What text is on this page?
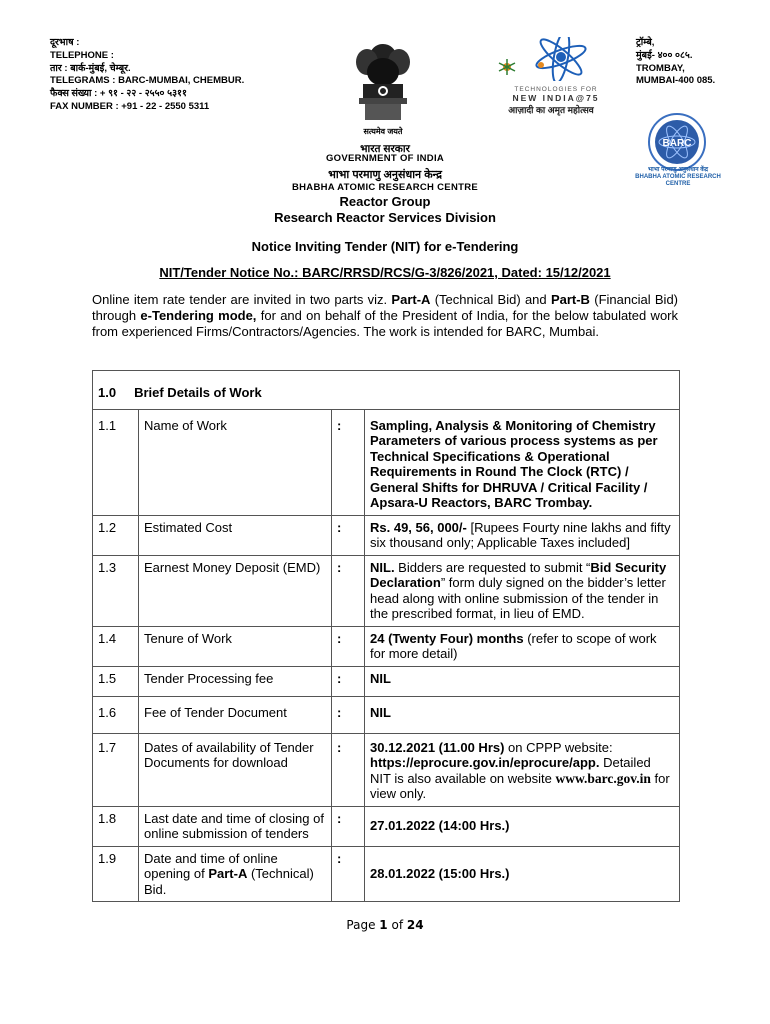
दूरभाष :
TELEPHONE :
तार : बार्क-मुंबई, चेम्बूर.
TELEGRAMS : BARC-MUMBAI, CHEMBUR.
फैक्स संख्या : + ९१ - २२ - २५५० ५३११
FAX NUMBER : +91 - 22 - 2550 5311
सत्यमेव जयते
TECHNOLOGIES FOR
NEW INDIA@75
आज़ादी का अमृत महोत्सव
ट्रॉम्बे,
मुंबई- ४०० ०८५.
TROMBAY,
MUMBAI-400 085.
BARC
भाभा परमाणु अनुसंधान केंद्र
BHABHA ATOMIC RESEARCH CENTRE
भारत सरकार
GOVERNMENT OF INDIA
भाभा परमाणु अनुसंधान केन्द्र
BHABHA ATOMIC RESEARCH CENTRE
Reactor Group
Research Reactor Services Division
Notice Inviting Tender (NIT) for e-Tendering
NIT/Tender Notice No.: BARC/RRSD/RCS/G-3/826/2021, Dated: 15/12/2021
Online item rate tender are invited in two parts viz. Part-A (Technical Bid) and Part-B (Financial Bid) through e-Tendering mode, for and on behalf of the President of India, for the below tabulated work from experienced Firms/Contractors/Agencies. The work is intended for BARC, Mumbai.
1.0 Brief Details of Work			
1.1	Name of Work	:	Sampling, Analysis & Monitoring of Chemistry Parameters of various process systems as per Technical Specifications & Operational Requirements in Round The Clock (RTC) / General Shifts for DHRUVA / Critical Facility / Apsara-U Reactors, BARC Trombay.
1.2	Estimated Cost	:	Rs. 49, 56, 000/- [Rupees Fourty nine lakhs and fifty six thousand only; Applicable Taxes included]
1.3	Earnest Money Deposit (EMD)	:	NIL. Bidders are requested to submit “Bid Security Declaration” form duly signed on the bidder’s letter head along with online submission of the tender in the prescribed format, in lieu of EMD.
1.4	Tenure of Work	:	24 (Twenty Four) months (refer to scope of work for more detail)
1.5	Tender Processing fee	:	NIL
1.6	Fee of Tender Document	:	NIL
1.7	Dates of availability of Tender Documents for download	:	30.12.2021 (11.00 Hrs) on CPPP website: https://eprocure.gov.in/eprocure/app. Detailed NIT is also available on website www.barc.gov.in for view only.
1.8	Last date and time of closing of online submission of tenders	:	27.01.2022 (14:00 Hrs.)
1.9	Date and time of online opening of Part-A (Technical) Bid.	:	28.01.2022 (15:00 Hrs.)
Page 1 of 24
